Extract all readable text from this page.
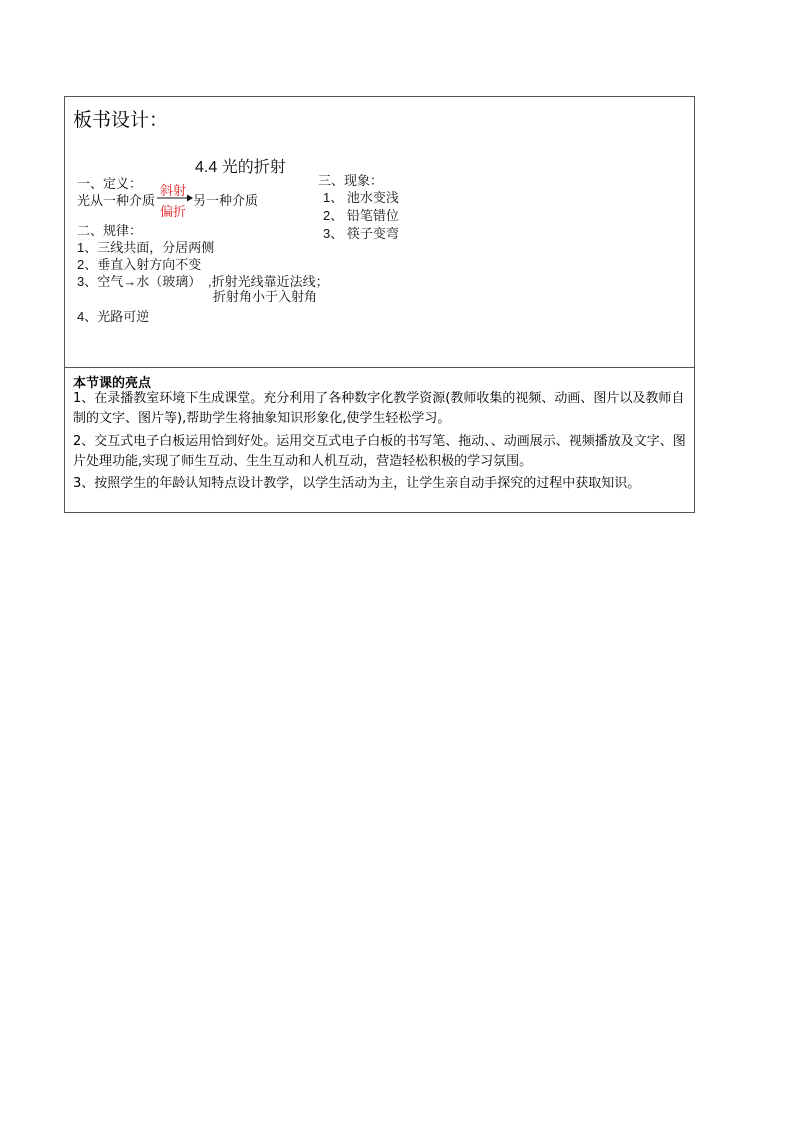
板书设计：
4.4 光的折射
一、定义：
光从一种介质
斜射
偏折
另一种介质
二、规律：
1、三线共面，分居两侧
2、垂直入射方向不变
3、空气→水（玻璃） ,折射光线靠近法线；
折射角小于入射角
4、光路可逆
三、现象：
1、 池水变浅
2、 铅笔错位
3、 筷子变弯
本节课的亮点

1、在录播教室环境下生成课堂。充分利用了各种数字化教学资源(教师收集的视频、动画、图片以及教师自制的文字、图片等),帮助学生将抽象知识形象化,使学生轻松学习。

2、交互式电子白板运用恰到好处。运用交互式电子白板的书写笔、拖动、、动画展示、视频播放及文字、图片处理功能,实现了师生互动、生生互动和人机互动，营造轻松积极的学习氛围。

3、按照学生的年龄认知特点设计教学，以学生活动为主，让学生亲自动手探究的过程中获取知识。
